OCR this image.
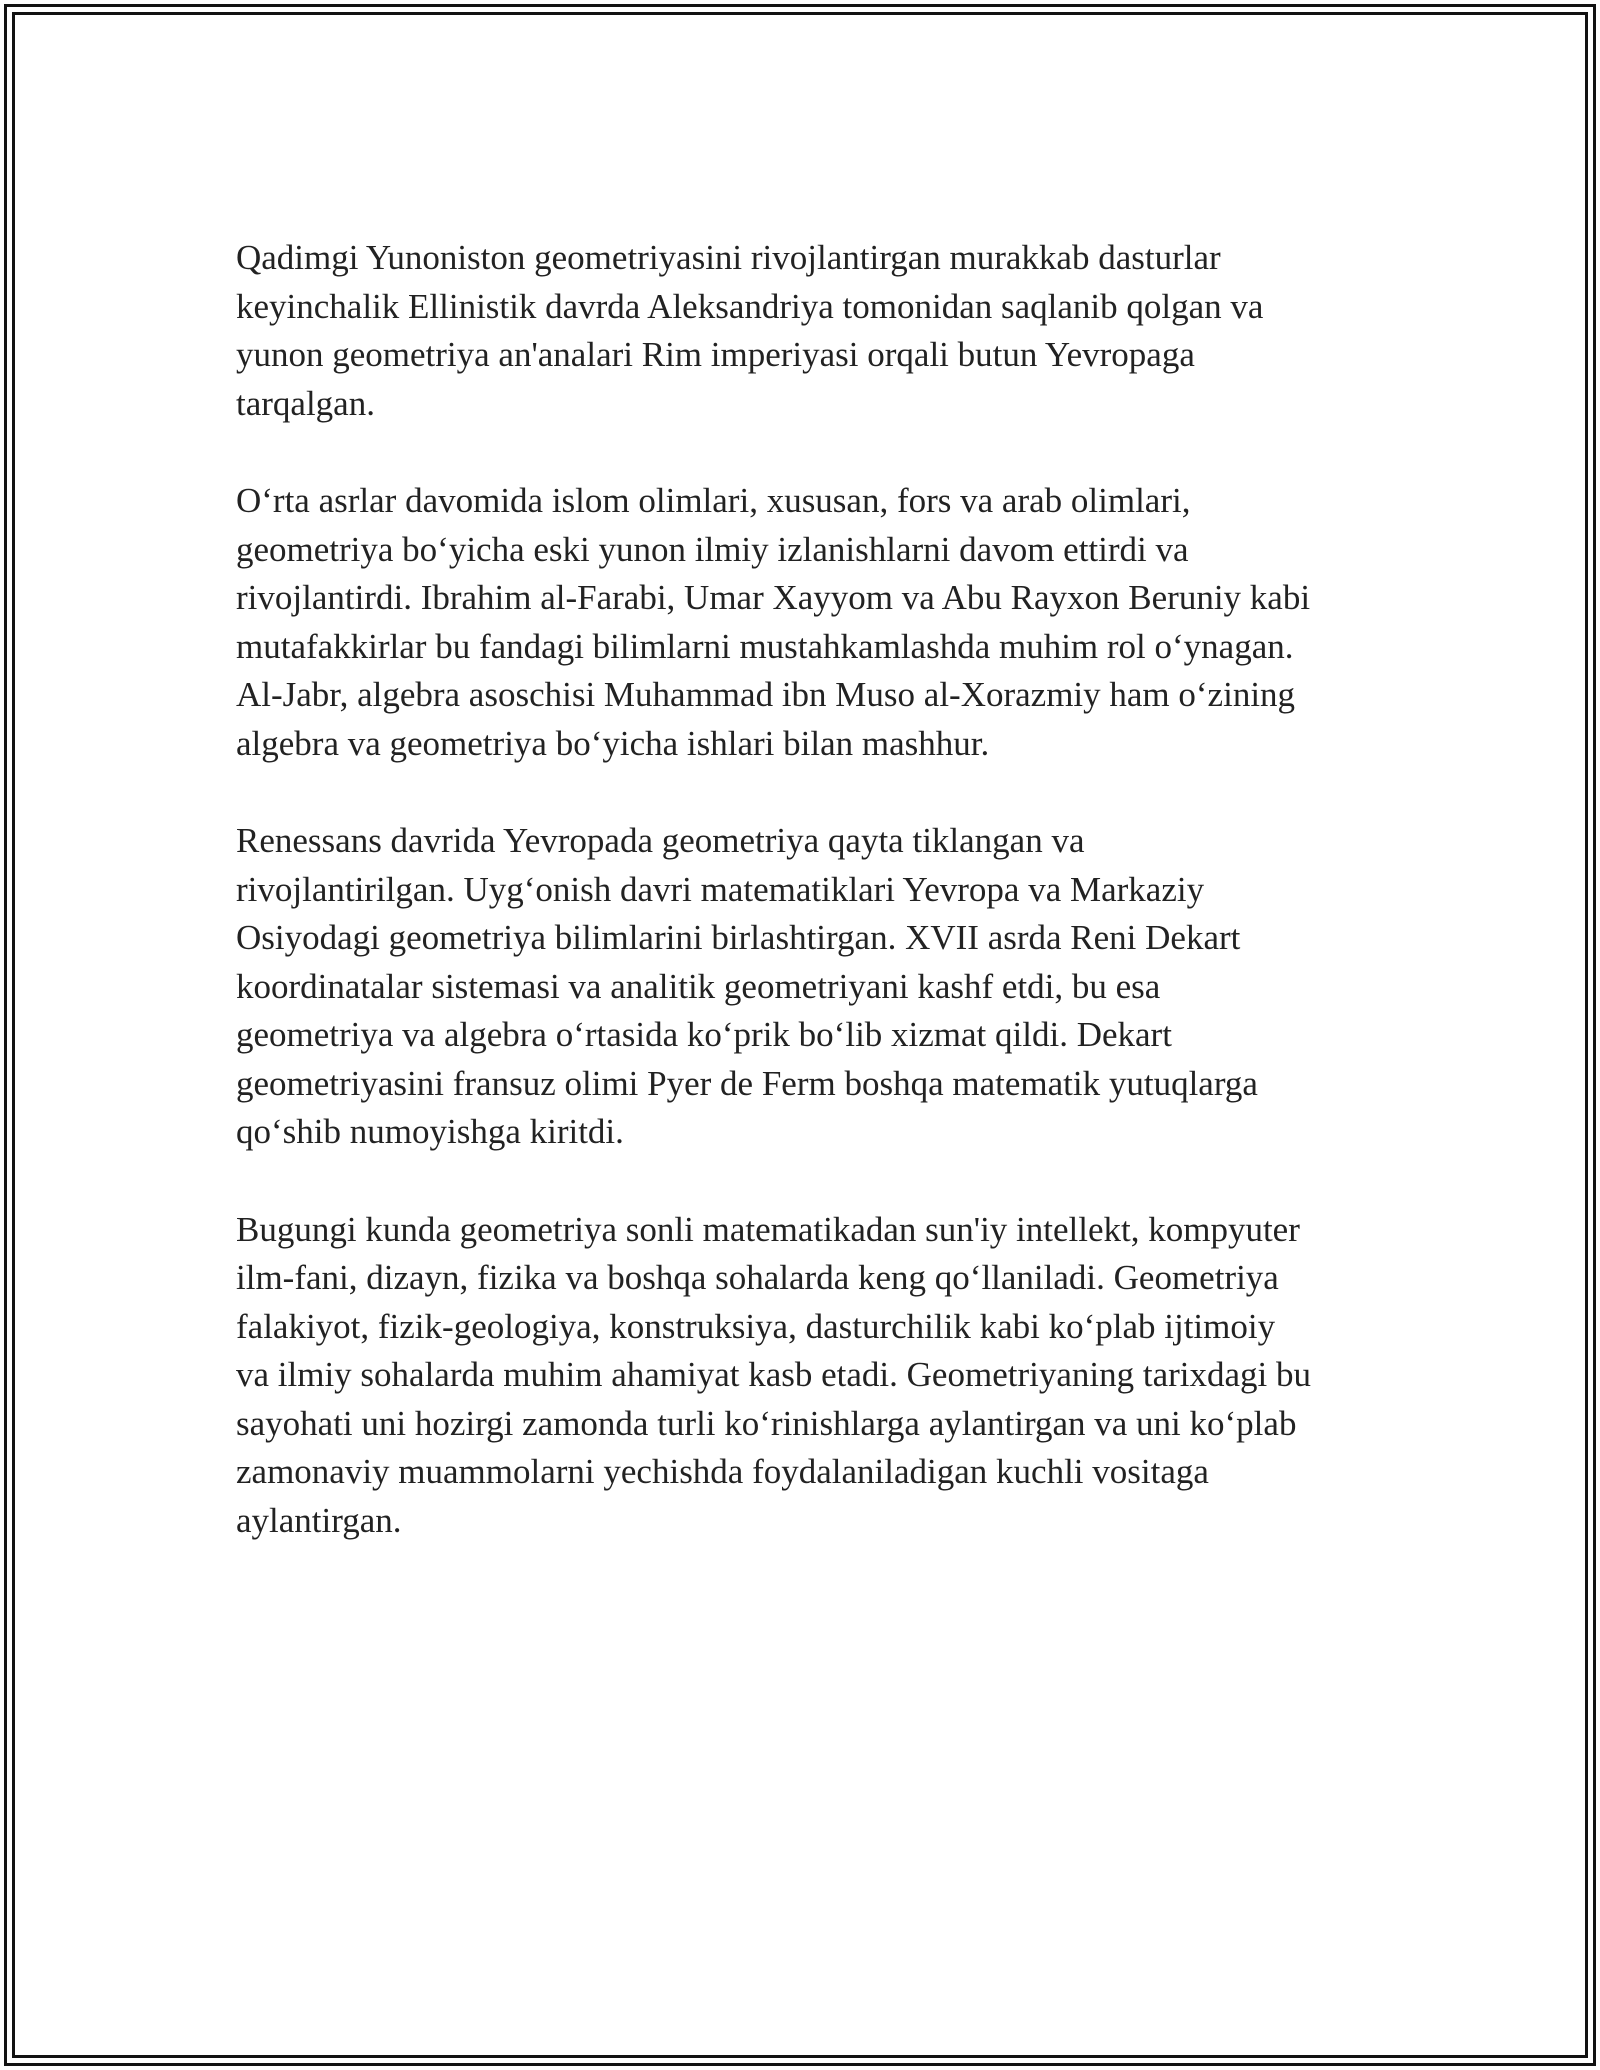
Qadimgi Yunoniston geometriyasini rivojlantirgan murakkab dasturlar
keyinchalik Ellinistik davrda Aleksandriya tomonidan saqlanib qolgan va
yunon geometriya an'analari Rim imperiyasi orqali butun Yevropaga
tarqalgan.

O‘rta asrlar davomida islom olimlari, xususan, fors va arab olimlari,
geometriya bo‘yicha eski yunon ilmiy izlanishlarni davom ettirdi va
rivojlantirdi. Ibrahim al-Farabi, Umar Xayyom va Abu Rayxon Beruniy kabi
mutafakkirlar bu fandagi bilimlarni mustahkamlashda muhim rol o‘ynagan.
Al-Jabr, algebra asoschisi Muhammad ibn Muso al-Xorazmiy ham o‘zining
algebra va geometriya bo‘yicha ishlari bilan mashhur.

Renessans davrida Yevropada geometriya qayta tiklangan va
rivojlantirilgan. Uyg‘onish davri matematiklari Yevropa va Markaziy
Osiyodagi geometriya bilimlarini birlashtirgan. XVII asrda Reni Dekart
koordinatalar sistemasi va analitik geometriyani kashf etdi, bu esa
geometriya va algebra o‘rtasida ko‘prik bo‘lib xizmat qildi. Dekart
geometriyasini fransuz olimi Pyer de Ferm boshqa matematik yutuqlarga
qo‘shib numoyishga kiritdi.

Bugungi kunda geometriya sonli matematikadan sun'iy intellekt, kompyuter
ilm-fani, dizayn, fizika va boshqa sohalarda keng qo‘llaniladi. Geometriya
falakiyot, fizik-geologiya, konstruksiya, dasturchilik kabi ko‘plab ijtimoiy
va ilmiy sohalarda muhim ahamiyat kasb etadi. Geometriyaning tarixdagi bu
sayohati uni hozirgi zamonda turli ko‘rinishlarga aylantirgan va uni ko‘plab
zamonaviy muammolarni yechishda foydalaniladigan kuchli vositaga
aylantirgan.
